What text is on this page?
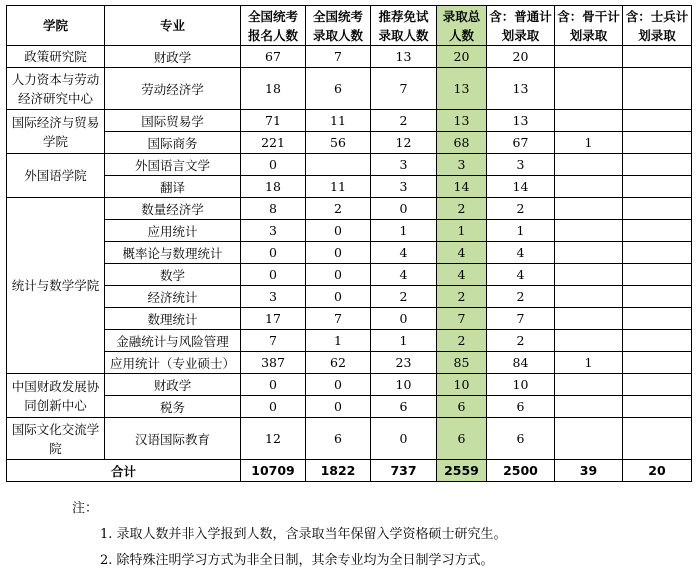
学院	专业	全国统考报名人数	全国统考录取人数	推荐免试录取人数	录取总人数	含：普通计划录取	含：骨干计划录取	含：士兵计划录取
政策研究院	财政学	67	7	13	20	20		
人力资本与劳动经济研究中心	劳动经济学	18	6	7	13	13		
国际经济与贸易学院	国际贸易学	71	11	2	13	13		
	国际商务	221	56	12	68	67	1	
外国语学院	外国语言文学	0		3	3	3		
	翻译	18	11	3	14	14		
统计与数学学院	数量经济学	8	2	0	2	2		
	应用统计	3	0	1	1	1		
	概率论与数理统计	0	0	4	4	4		
	数学	0	0	4	4	4		
	经济统计	3	0	2	2	2		
	数理统计	17	7	0	7	7		
	金融统计与风险管理	7	1	1	2	2		
	应用统计（专业硕士）	387	62	23	85	84	1	
中国财政发展协同创新中心	财政学	0	0	10	10	10		
	税务	0	0	6	6	6		
国际文化交流学院	汉语国际教育	12	6	0	6	6		
合计		10709	1822	737	2559	2500	39	20
注：
1. 录取人数并非入学报到人数，含录取当年保留入学资格硕士研究生。
2. 除特殊注明学习方式为非全日制，其余专业均为全日制学习方式。
